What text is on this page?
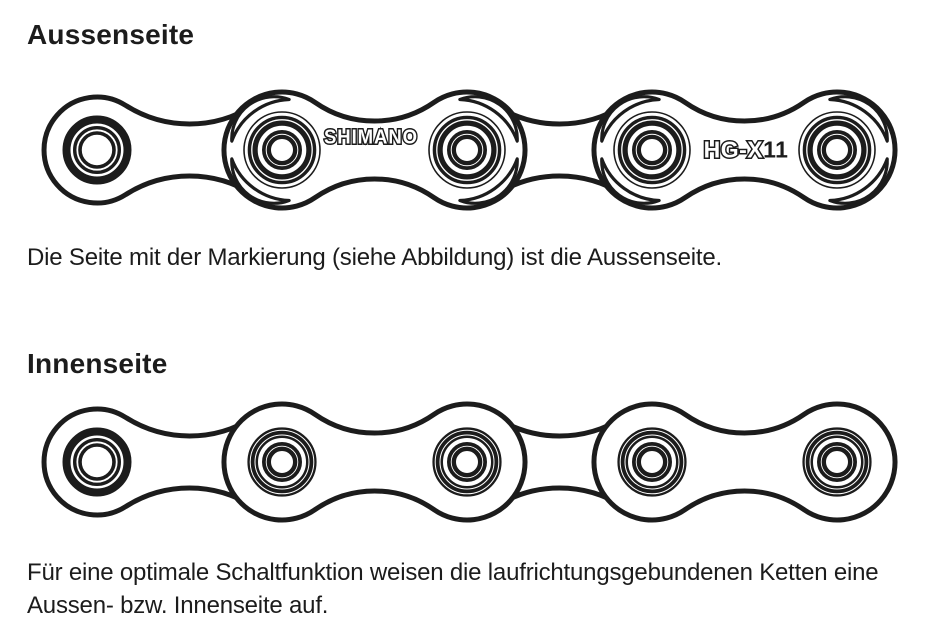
Aussenseite
SHIMANO	HG-X11

Die Seite mit der Markierung (siehe Abbildung) ist die Aussenseite.

Innenseite

Für eine optimale Schaltfunktion weisen die laufrichtungsgebundenen Ketten eine Aussen- bzw. Innenseite auf.
